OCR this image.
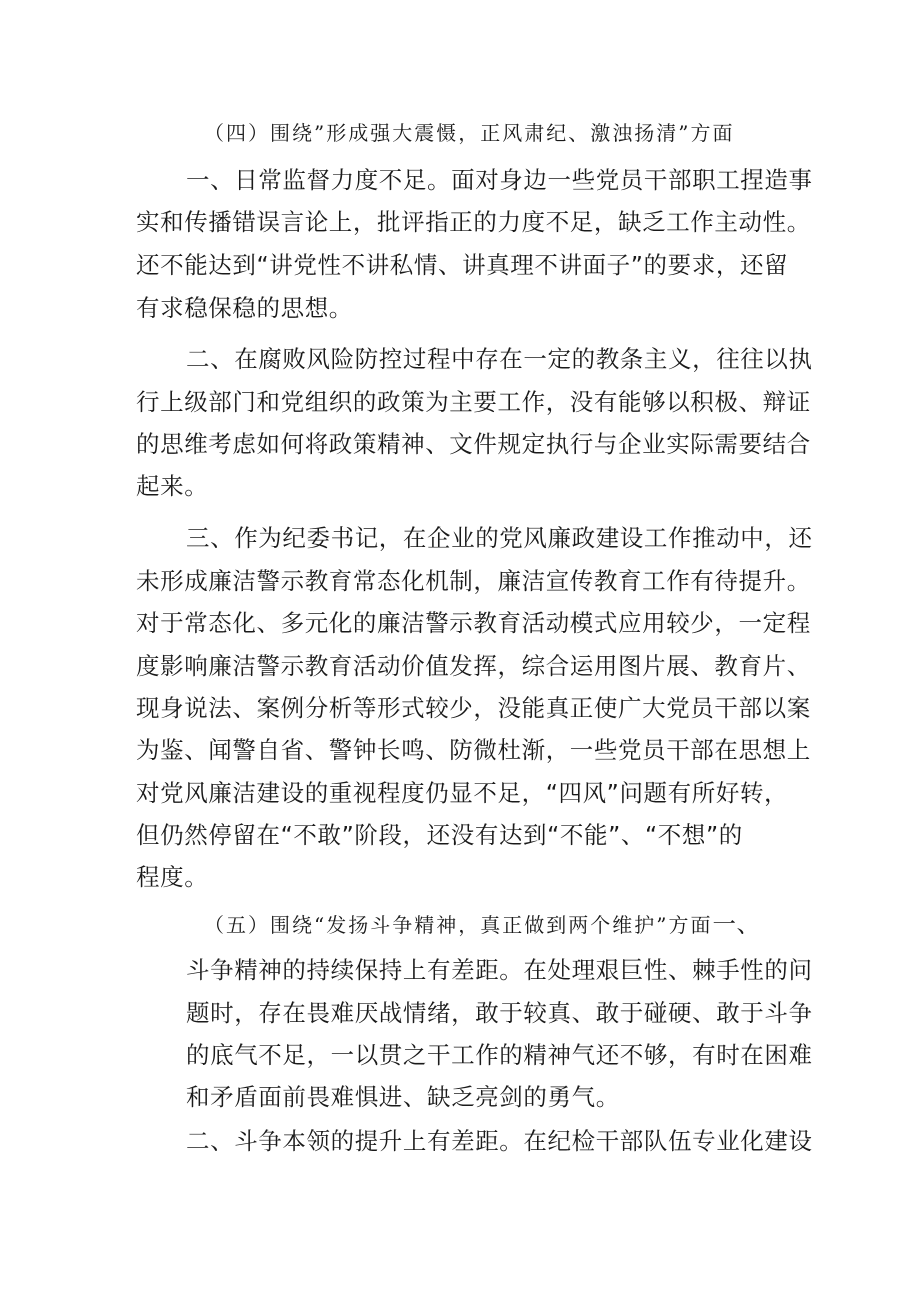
（四）围绕”形成强大震慑，正风肃纪、激浊扬清”方面
一、日常监督力度不足。面对身边一些党员干部职工捏造事
实和传播错误言论上，批评指正的力度不足，缺乏工作主动性。
还不能达到“讲党性不讲私情、讲真理不讲面子”的要求，还留
有求稳保稳的思想。
二、在腐败风险防控过程中存在一定的教条主义，往往以执
行上级部门和党组织的政策为主要工作，没有能够以积极、辩证
的思维考虑如何将政策精神、文件规定执行与企业实际需要结合
起来。
三、作为纪委书记，在企业的党风廉政建设工作推动中，还
未形成廉洁警示教育常态化机制，廉洁宣传教育工作有待提升。
对于常态化、多元化的廉洁警示教育活动模式应用较少，一定程
度影响廉洁警示教育活动价值发挥，综合运用图片展、教育片、
现身说法、案例分析等形式较少，没能真正使广大党员干部以案
为鉴、闻警自省、警钟长鸣、防微杜渐，一些党员干部在思想上
对党风廉洁建设的重视程度仍显不足，“四风”问题有所好转，
但仍然停留在“不敢”阶段，还没有达到“不能”、“不想”的
程度。
（五）围绕“发扬斗争精神，真正做到两个维护”方面一、
斗争精神的持续保持上有差距。在处理艰巨性、棘手性的问
题时，存在畏难厌战情绪，敢于较真、敢于碰硬、敢于斗争
的底气不足，一以贯之干工作的精神气还不够，有时在困难
和矛盾面前畏难惧进、缺乏亮剑的勇气。
二、斗争本领的提升上有差距。在纪检干部队伍专业化建设
